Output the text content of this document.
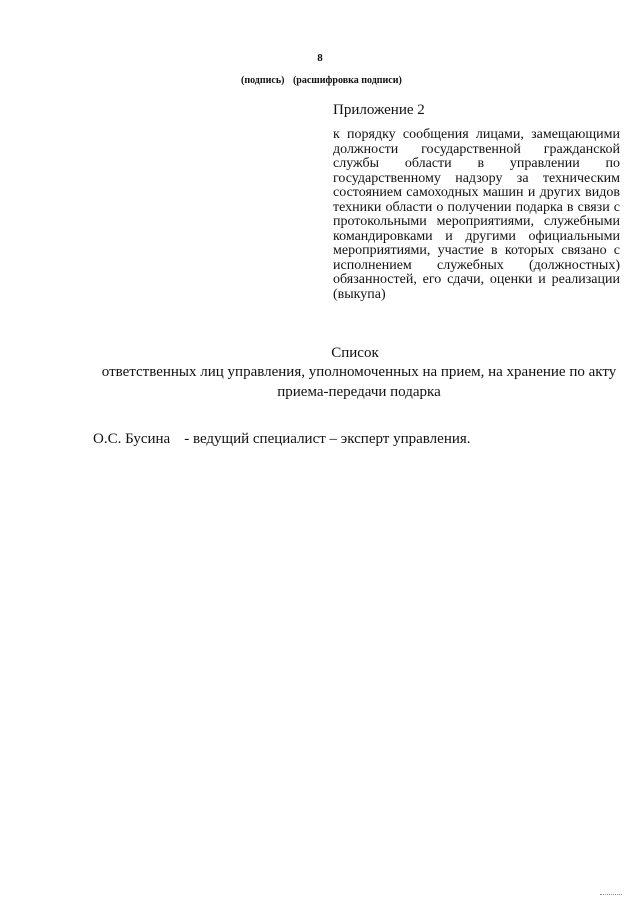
8
(подпись) (расшифровка подписи)
Приложение 2
к порядку сообщения лицами, замещающими должности государственной гражданской службы области в управлении по государственному надзору за техническим состоянием самоходных машин и других видов техники области о получении подарка в связи с протокольными мероприятиями, служебными командировками и другими официальными мероприятиями, участие в которых связано с исполнением служебных (должностных) обязанностей, его сдачи, оценки и реализации (выкупа)
Список
ответственных лиц управления, уполномоченных на прием, на хранение по акту приема-передачи подарка
О.С. Бусина - ведущий специалист – эксперт управления.
